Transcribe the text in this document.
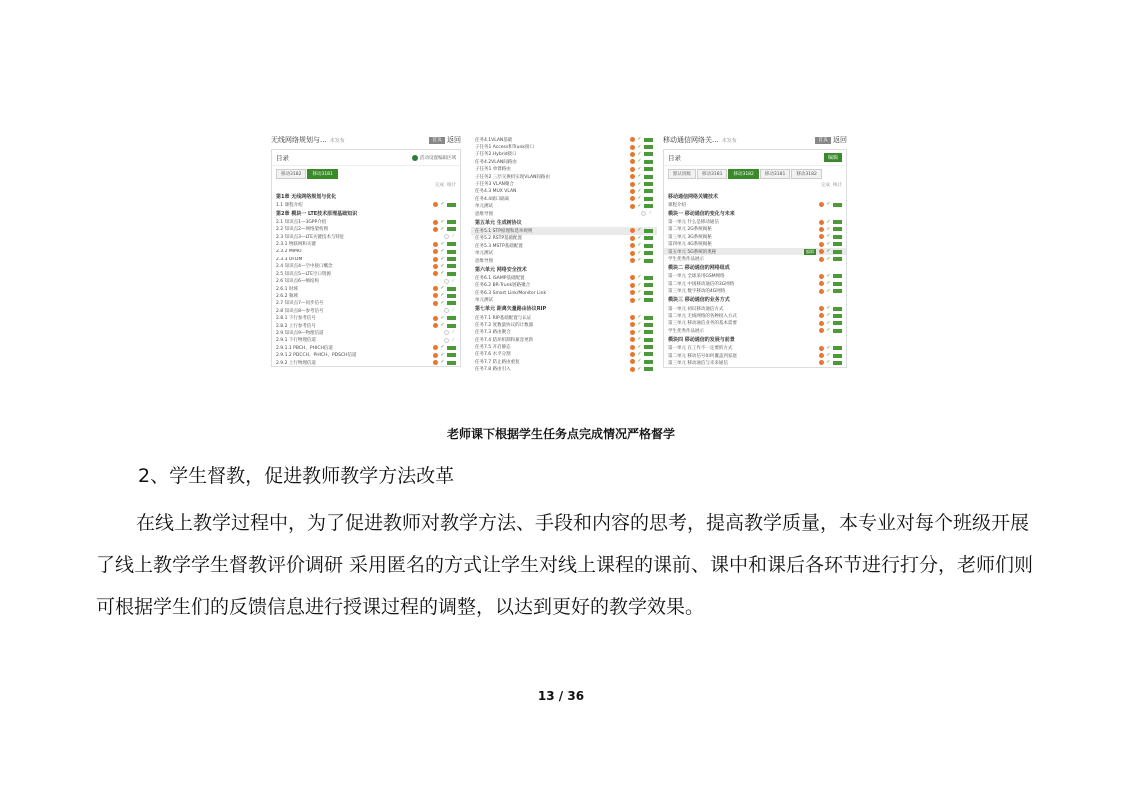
无线网络规划与... 未发布	首页 返回
目录	活动设置编辑区域
移动3182	移动3181
完成 统计
第1章 无线网络规划与优化
1.1 课程介绍	✓
第2章 模块一 LTE技术原理基础知识
2.1 知识点1—3GPP介绍	✓
2.2 知识点2—网络架构图	✓
2.3 知识点3—LTE关键技术与特征	✓
2.3.1 物联网和关键	✓
2.3.2 MIMO	✓
2.3.3 OFDM	✓
2.4 知识点4—空中接口概念	✓
2.5 知识点5—LTE空口资源	✓
2.6 知识点6—帧结构	✓
2.6.1 时域	✓
2.6.2 频域	✓
2.7 知识点7—同步信号	✓
2.8 知识点8—参考信号	✓
2.8.1 下行参考信号	✓
2.8.2 上行参考信号	✓
2.9 知识点9—物理信道	✓
2.9.1 下行物理信道	✓
2.9.1.1 PBCH、PHICH信道	✓
2.9.1.2 PDCCH、PHICH、PDSCH信道	✓
2.9.2 上行物理信道	✓
任务4.1VLAN基础	✓
子任务1 Access和Trunk接口	✓
子任务2 Hybrid接口	✓
任务4.2VLAN间路由	✓
子任务1 单臂路由	✓
子任务2 三层交换机实现VLAN间路由	✓
子任务3 VLAN聚合	✓
任务4.3 MUX VLAN	✓
任务4.4端口隔离	✓
单元测试	✓
思维导图	✓
第五单元 生成树协议
任务5.1 STP原理和选举规则	✓
任务5.2 RSTP基础配置	✓
任务5.3 MSTP基础配置	✓
单元测试	✓
思维导图	✓
第六单元 网络安全技术
任务6.1 iSAMP基础配置	✓
任务6.2 BR-Trunk链路聚合	✓
任务6.3 Smart Link/Monitor Link	✓
单元测试	✓
第七单元 距离矢量路由协议RIP
任务7.1 RIP基础配置与认证	✓
任务7.2 度数量协议的计数器	✓
任务7.3 路由聚合	✓
任务7.4 防环机制和兼容更新	✓
任务7.5 开启静态	✓
任务7.6 水平分割	✓
任务7.7 防止路由重复	✓
任务7.8 路由引入	✓
移动通信网络关... 未发布	首页 返回
目录	编辑
默认班级	移动3181	移动3182	移动3181	移动3182
完成 统计
移动通信网络关键技术
课程介绍	✓
模块一 移动通信的变化与未来
第一单元 什么是移动通信	✓
第二单元 2G系统揭秘	✓
第三单元 3G系统揭秘	✓
第四单元 4G系统揭秘	✓
第五单元 5G系统的奥秘	编辑	✓
学生优秀作品展示	✓
模块二 移动通信的网络组成
第一单元 全球采用GSM网络	✓
第二单元 中国移动通信的3G网络	✓
第三单元 数字移动的4G网络	✓
模块三 移动通信的业务方式
第一单元 初识移动通信方式	✓
第二单元 无线网络的各种接入方式	✓
第三单元 移动通信业务的基本需要	✓
学生优秀作品展示	✓
模块四 移动通信的发展与前景
第一单元 在工作不一定要的方式	✓
第二单元 移动信号如何覆盖到家庭	✓
第三单元 移动通信与未来通信	✓
老师课下根据学生任务点完成情况严格督学
2、学生督教，促进教师教学方法改革
在线上教学过程中，为了促进教师对教学方法、手段和内容的思考，提高教学质量，本专业对每个班级开展了线上教学学生督教评价调研 采用匿名的方式让学生对线上课程的课前、课中和课后各环节进行打分，老师们则可根据学生们的反馈信息进行授课过程的调整，以达到更好的教学效果。
13 / 36
